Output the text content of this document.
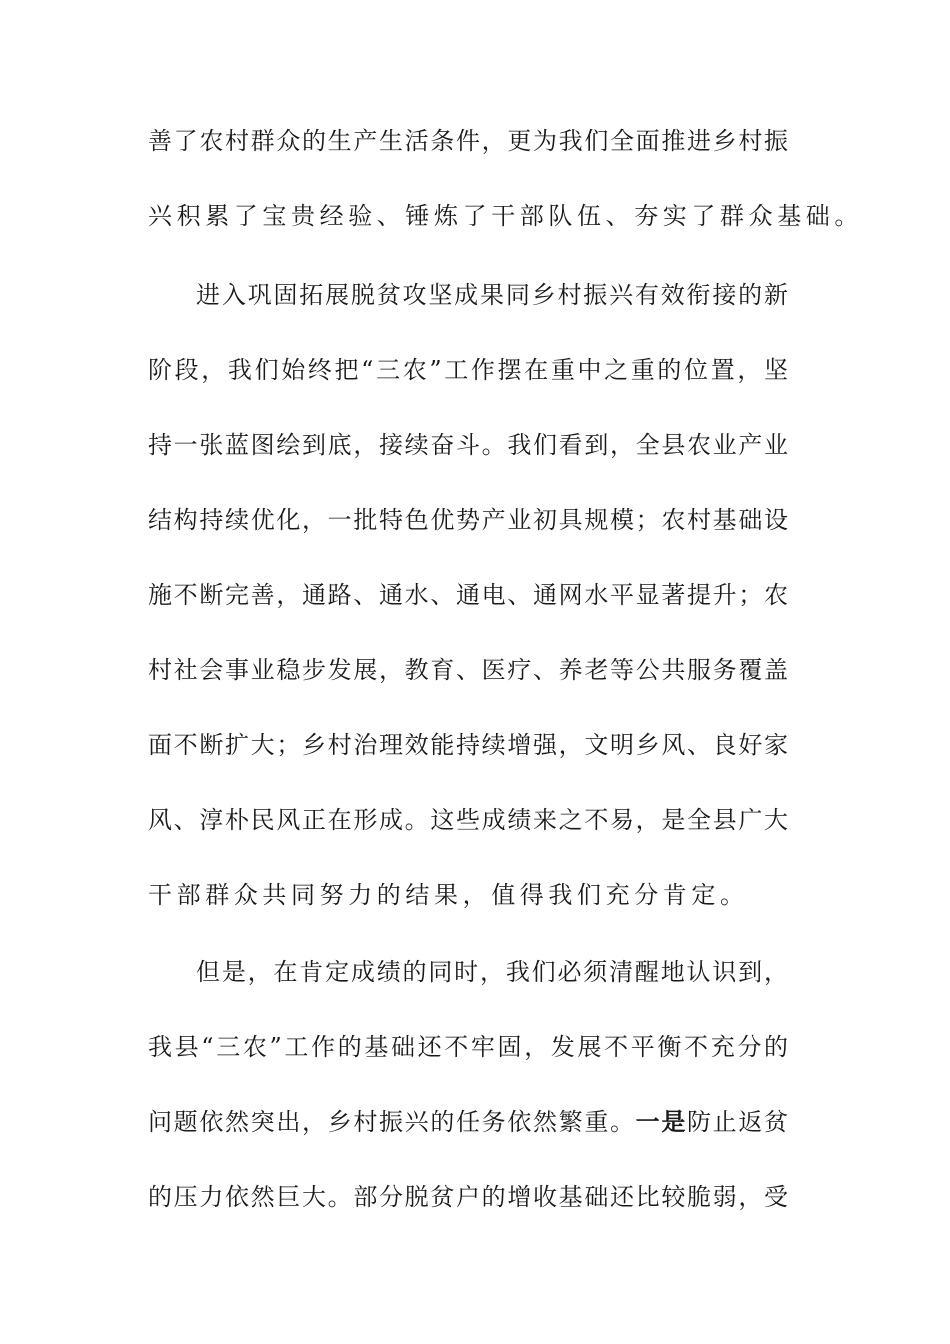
善了农村群众的生产生活条件，更为我们全面推进乡村振
兴积累了宝贵经验、锤炼了干部队伍、夯实了群众基础。
进入巩固拓展脱贫攻坚成果同乡村振兴有效衔接的新
阶段，我们始终把“三农”工作摆在重中之重的位置，坚
持一张蓝图绘到底，接续奋斗。我们看到，全县农业产业
结构持续优化，一批特色优势产业初具规模；农村基础设
施不断完善，通路、通水、通电、通网水平显著提升；农
村社会事业稳步发展，教育、医疗、养老等公共服务覆盖
面不断扩大；乡村治理效能持续增强，文明乡风、良好家
风、淳朴民风正在形成。这些成绩来之不易，是全县广大
干部群众共同努力的结果，值得我们充分肯定。
但是，在肯定成绩的同时，我们必须清醒地认识到，
我县“三农”工作的基础还不牢固，发展不平衡不充分的
问题依然突出，乡村振兴的任务依然繁重。一是防止返贫
的压力依然巨大。部分脱贫户的增收基础还比较脆弱，受
